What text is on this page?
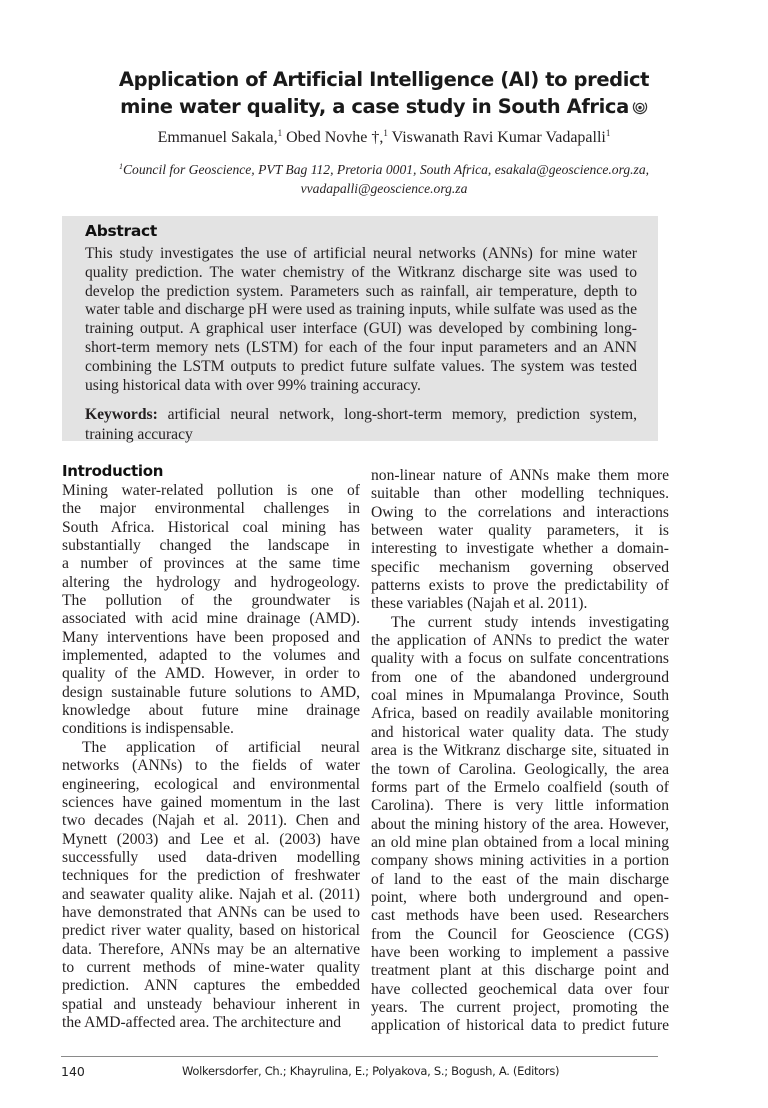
Application of Artificial Intelligence (AI) to predict
mine water quality, a case study in South Africa
Emmanuel Sakala,$^1$ Obed Novhe †,$^1$ Viswanath Ravi Kumar Vadapalli$^1$
$^1$Council for Geoscience, PVT Bag 112, Pretoria 0001, South Africa, esakala@geoscience.org.za,
vvadapalli@geoscience.org.za
Abstract
This study investigates the use of artificial neural networks (ANNs) for mine water
quality prediction. The water chemistry of the Witkranz discharge site was used to
develop the prediction system. Parameters such as rainfall, air temperature, depth to
water table and discharge pH were used as training inputs, while sulfate was used as the
training output. A graphical user interface (GUI) was developed by combining long-
short-term memory nets (LSTM) for each of the four input parameters and an ANN
combining the LSTM outputs to predict future sulfate values. The system was tested
using historical data with over 99% training accuracy.
Keywords: artificial neural network, long-short-term memory, prediction system,
training accuracy
Introduction
Mining water-related pollution is one of
the major environmental challenges in
South Africa. Historical coal mining has
substantially changed the landscape in
a number of provinces at the same time
altering the hydrology and hydrogeology.
The pollution of the groundwater is
associated with acid mine drainage (AMD).
Many interventions have been proposed and
implemented, adapted to the volumes and
quality of the AMD. However, in order to
design sustainable future solutions to AMD,
knowledge about future mine drainage
conditions is indispensable.
The application of artificial neural
networks (ANNs) to the fields of water
engineering, ecological and environmental
sciences have gained momentum in the last
two decades (Najah et al. 2011). Chen and
Mynett (2003) and Lee et al. (2003) have
successfully used data-driven modelling
techniques for the prediction of freshwater
and seawater quality alike. Najah et al. (2011)
have demonstrated that ANNs can be used to
predict river water quality, based on historical
data. Therefore, ANNs may be an alternative
to current methods of mine-water quality
prediction. ANN captures the embedded
spatial and unsteady behaviour inherent in
the AMD-affected area. The architecture and
non-linear nature of ANNs make them more
suitable than other modelling techniques.
Owing to the correlations and interactions
between water quality parameters, it is
interesting to investigate whether a domain-
specific mechanism governing observed
patterns exists to prove the predictability of
these variables (Najah et al. 2011).
The current study intends investigating
the application of ANNs to predict the water
quality with a focus on sulfate concentrations
from one of the abandoned underground
coal mines in Mpumalanga Province, South
Africa, based on readily available monitoring
and historical water quality data. The study
area is the Witkranz discharge site, situated in
the town of Carolina. Geologically, the area
forms part of the Ermelo coalfield (south of
Carolina). There is very little information
about the mining history of the area. However,
an old mine plan obtained from a local mining
company shows mining activities in a portion
of land to the east of the main discharge
point, where both underground and open-
cast methods have been used. Researchers
from the Council for Geoscience (CGS)
have been working to implement a passive
treatment plant at this discharge point and
have collected geochemical data over four
years. The current project, promoting the
application of historical data to predict future
140	Wolkersdorfer, Ch.; Khayrulina, E.; Polyakova, S.; Bogush, A. (Editors)
